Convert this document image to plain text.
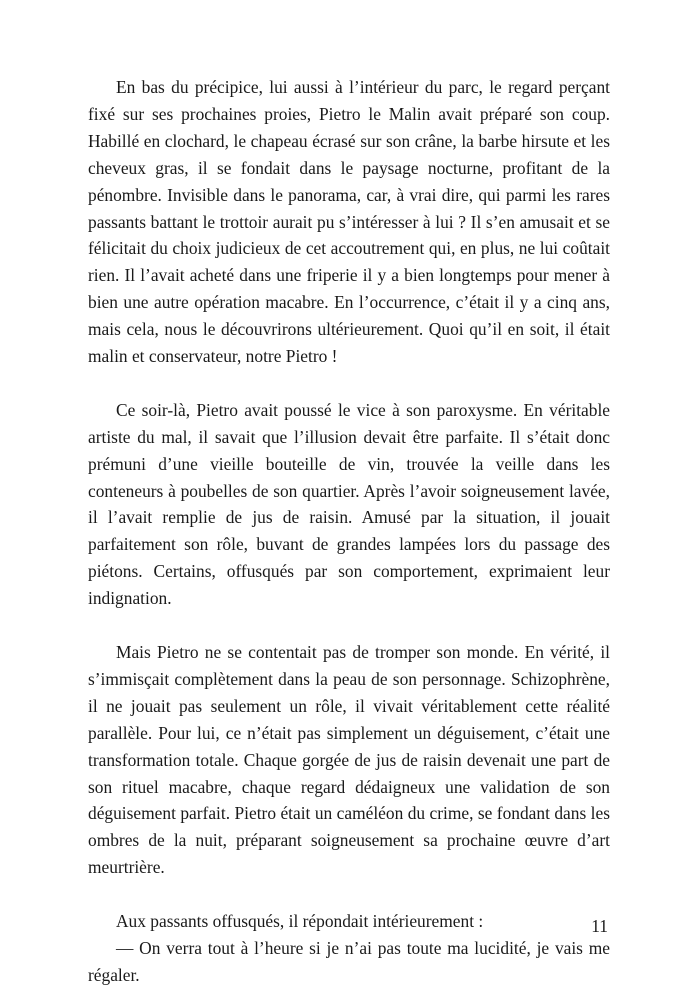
En bas du précipice, lui aussi à l’intérieur du parc, le regard perçant fixé sur ses prochaines proies, Pietro le Malin avait préparé son coup. Habillé en clochard, le chapeau écrasé sur son crâne, la barbe hirsute et les cheveux gras, il se fondait dans le paysage nocturne, profitant de la pénombre. Invisible dans le panorama, car, à vrai dire, qui parmi les rares passants battant le trottoir aurait pu s’intéresser à lui ? Il s’en amusait et se félicitait du choix judicieux de cet accoutrement qui, en plus, ne lui coûtait rien. Il l’avait acheté dans une friperie il y a bien longtemps pour mener à bien une autre opération macabre. En l’occurrence, c’était il y a cinq ans, mais cela, nous le découvrirons ultérieurement. Quoi qu’il en soit, il était malin et conservateur, notre Pietro !

Ce soir-là, Pietro avait poussé le vice à son paroxysme. En véritable artiste du mal, il savait que l’illusion devait être parfaite. Il s’était donc prémuni d’une vieille bouteille de vin, trouvée la veille dans les conteneurs à poubelles de son quartier. Après l’avoir soigneusement lavée, il l’avait remplie de jus de raisin. Amusé par la situation, il jouait parfaitement son rôle, buvant de grandes lampées lors du passage des piétons. Certains, offusqués par son comportement, exprimaient leur indignation.

Mais Pietro ne se contentait pas de tromper son monde. En vérité, il s’immisçait complètement dans la peau de son personnage. Schizophrène, il ne jouait pas seulement un rôle, il vivait véritablement cette réalité parallèle. Pour lui, ce n’était pas simplement un déguisement, c’était une transformation totale. Chaque gorgée de jus de raisin devenait une part de son rituel macabre, chaque regard dédaigneux une validation de son déguisement parfait. Pietro était un caméléon du crime, se fondant dans les ombres de la nuit, préparant soigneusement sa prochaine œuvre d’art meurtrière.

Aux passants offusqués, il répondait intérieurement :

— On verra tout à l’heure si je n’ai pas toute ma lucidité, je vais me régaler.

11
